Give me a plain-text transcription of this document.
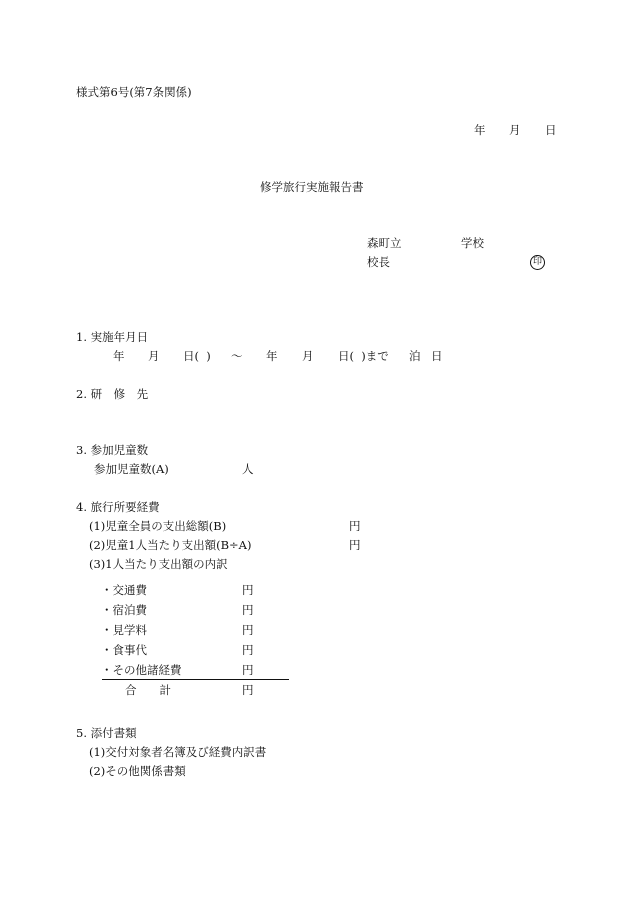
様式第6号(第7条関係)
年 月 日
修学旅行実施報告書
森町立	学校
校長	印
1. 実施年月日
年 月 日(  ) ～ 年 月 日(  )まで 泊 日
2. 研　修　先
3. 参加児童数
参加児童数(A)	人
4. 旅行所要経費
(1)児童全員の支出総額(B)	円
(2)児童1人当たり支出額(B÷A)	円
(3)1人当たり支出額の内訳
・交通費	円
・宿泊費	円
・見学料	円
・食事代	円
・その他諸経費	円
合　　計	円
5. 添付書類
(1)交付対象者名簿及び経費内訳書
(2)その他関係書類
